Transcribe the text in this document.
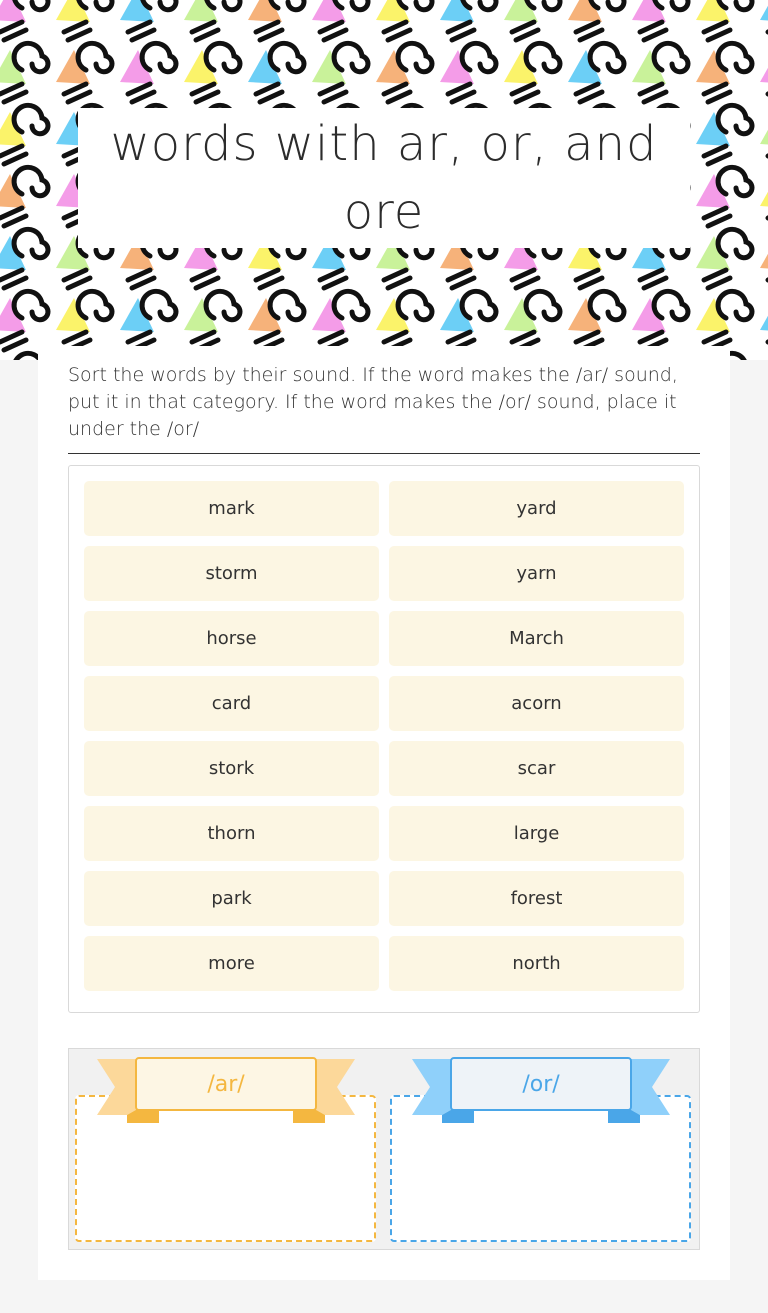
words with ar, or, and ore
Sort the words by their sound. If the word makes the /ar/ sound, put it in that category. If the word makes the /or/ sound, place it under the /or/
mark	yard
storm	yarn
horse	March
card	acorn
stork	scar
thorn	large
park	forest
more	north
/ar/	/or/
